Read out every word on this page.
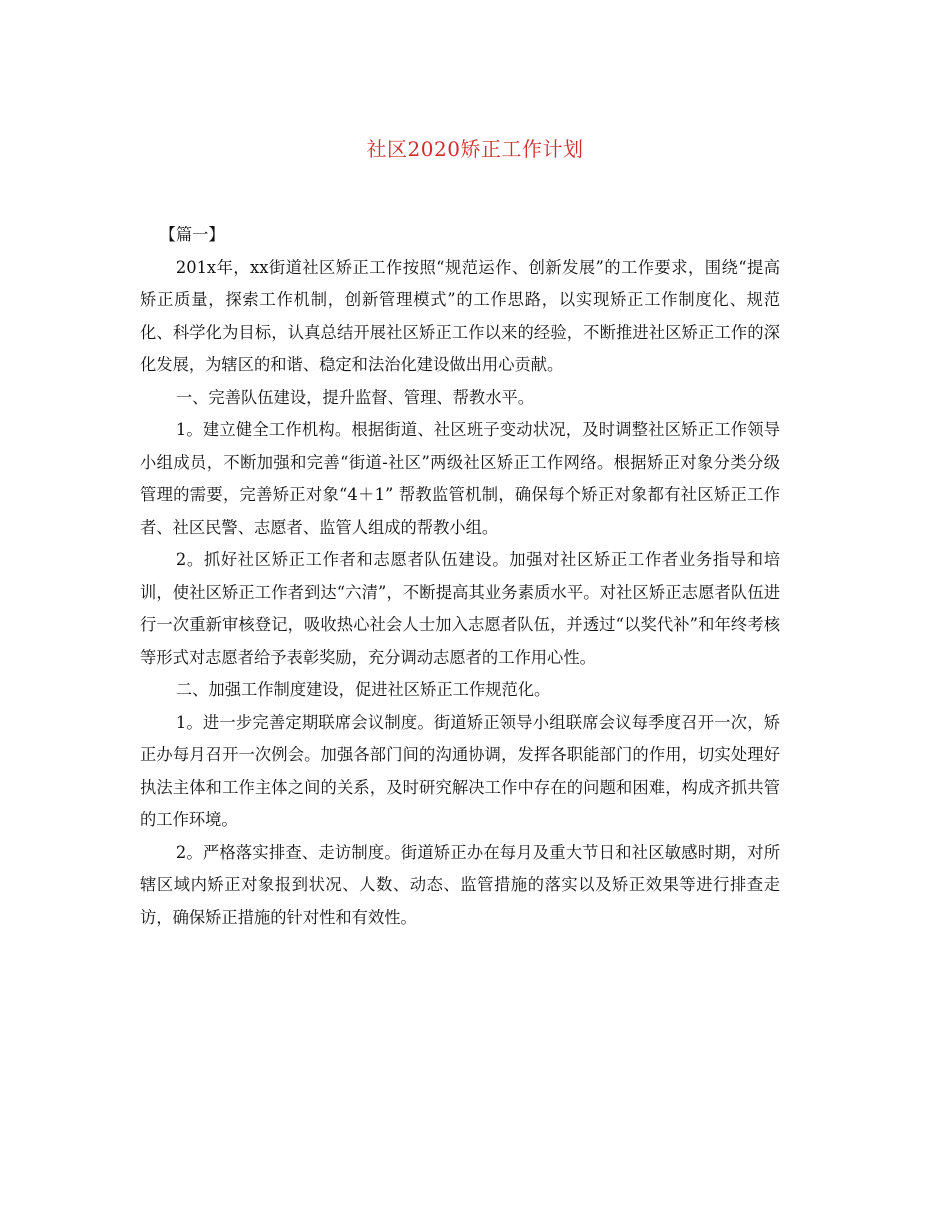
社区2020矫正工作计划

【篇一】

201x年，xx街道社区矫正工作按照“规范运作、创新发展”的工作要求，围绕“提高矫正质量，探索工作机制，创新管理模式”的工作思路，以实现矫正工作制度化、规范化、科学化为目标，认真总结开展社区矫正工作以来的经验，不断推进社区矫正工作的深化发展，为辖区的和谐、稳定和法治化建设做出用心贡献。

一、完善队伍建设，提升监督、管理、帮教水平。

1。建立健全工作机构。根据街道、社区班子变动状况，及时调整社区矫正工作领导小组成员，不断加强和完善“街道-社区”两级社区矫正工作网络。根据矫正对象分类分级管理的需要，完善矫正对象“4＋1” 帮教监管机制，确保每个矫正对象都有社区矫正工作者、社区民警、志愿者、监管人组成的帮教小组。

2。抓好社区矫正工作者和志愿者队伍建设。加强对社区矫正工作者业务指导和培训，使社区矫正工作者到达“六清”，不断提高其业务素质水平。对社区矫正志愿者队伍进行一次重新审核登记，吸收热心社会人士加入志愿者队伍，并透过“以奖代补”和年终考核等形式对志愿者给予表彰奖励，充分调动志愿者的工作用心性。

二、加强工作制度建设，促进社区矫正工作规范化。

1。进一步完善定期联席会议制度。街道矫正领导小组联席会议每季度召开一次，矫正办每月召开一次例会。加强各部门间的沟通协调，发挥各职能部门的作用，切实处理好执法主体和工作主体之间的关系，及时研究解决工作中存在的问题和困难，构成齐抓共管的工作环境。

2。严格落实排查、走访制度。街道矫正办在每月及重大节日和社区敏感时期，对所辖区域内矫正对象报到状况、人数、动态、监管措施的落实以及矫正效果等进行排查走访，确保矫正措施的针对性和有效性。
